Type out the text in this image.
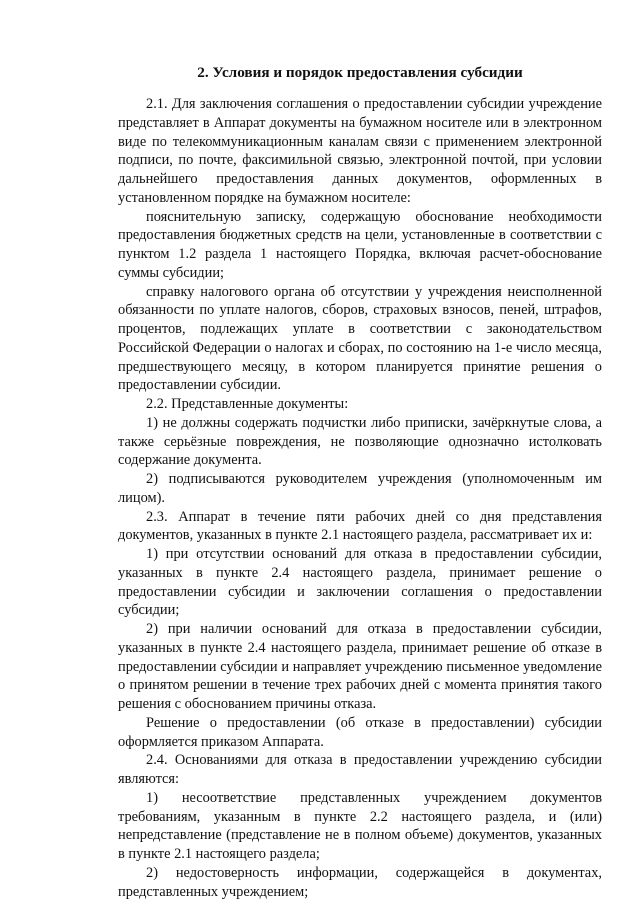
2. Условия и порядок предоставления субсидии

2.1. Для заключения соглашения о предоставлении субсидии учреждение представляет в Аппарат документы на бумажном носителе или в электронном виде по телекоммуникационным каналам связи с применением электронной подписи, по почте, факсимильной связью, электронной почтой, при условии дальнейшего предоставления данных документов, оформленных в установленном порядке на бумажном носителе:

пояснительную записку, содержащую обоснование необходимости предоставления бюджетных средств на цели, установленные в соответствии с пунктом 1.2 раздела 1 настоящего Порядка, включая расчет-обоснование суммы субсидии;

справку налогового органа об отсутствии у учреждения неисполненной обязанности по уплате налогов, сборов, страховых взносов, пеней, штрафов, процентов, подлежащих уплате в соответствии с законодательством Российской Федерации о налогах и сборах, по состоянию на 1-е число месяца, предшествующего месяцу, в котором планируется принятие решения о предоставлении субсидии.

2.2. Представленные документы:

1) не должны содержать подчистки либо приписки, зачёркнутые слова, а также серьёзные повреждения, не позволяющие однозначно истолковать содержание документа.

2) подписываются руководителем учреждения (уполномоченным им лицом).

2.3. Аппарат в течение пяти рабочих дней со дня представления документов, указанных в пункте 2.1 настоящего раздела, рассматривает их и:

1) при отсутствии оснований для отказа в предоставлении субсидии, указанных в пункте 2.4 настоящего раздела, принимает решение о предоставлении субсидии и заключении соглашения о предоставлении субсидии;

2) при наличии оснований для отказа в предоставлении субсидии, указанных в пункте 2.4 настоящего раздела, принимает решение об отказе в предоставлении субсидии и направляет учреждению письменное уведомление о принятом решении в течение трех рабочих дней с момента принятия такого решения с обоснованием причины отказа.

Решение о предоставлении (об отказе в предоставлении) субсидии оформляется приказом Аппарата.

2.4. Основаниями для отказа в предоставлении учреждению субсидии являются:

1) несоответствие представленных учреждением документов требованиям, указанным в пункте 2.2 настоящего раздела, и (или) непредставление (представление не в полном объеме) документов, указанных в пункте 2.1 настоящего раздела;

2) недостоверность информации, содержащейся в документах, представленных учреждением;
